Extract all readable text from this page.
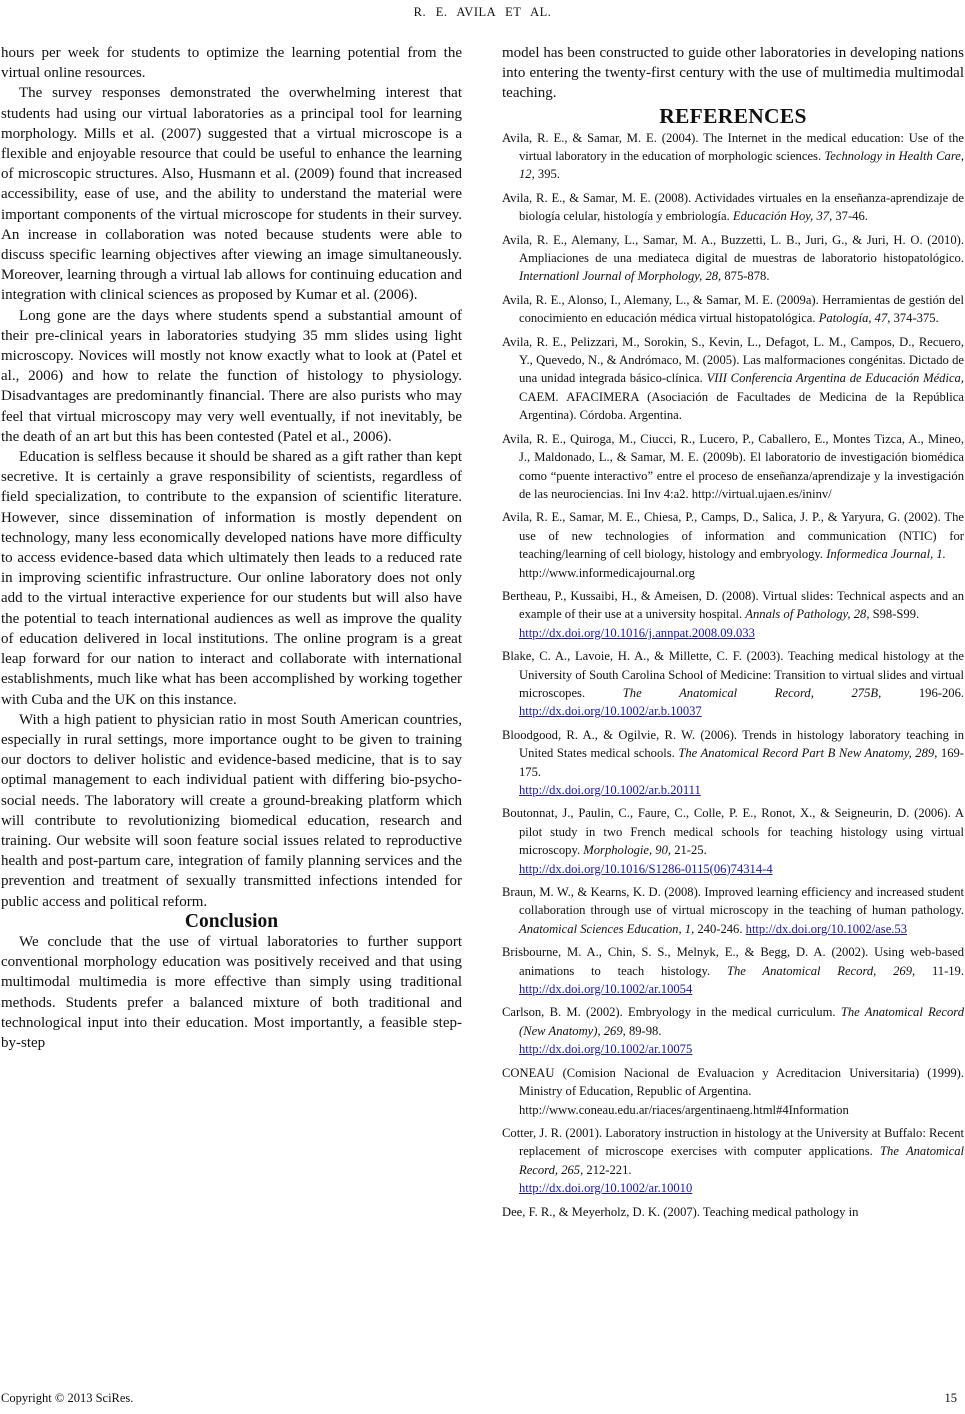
R. E. AVILA ET AL.

hours per week for students to optimize the learning potential from the virtual online resources.

The survey responses demonstrated the overwhelming interest that students had using our virtual laboratories as a principal tool for learning morphology. Mills et al. (2007) suggested that a virtual microscope is a flexible and enjoyable resource that could be useful to enhance the learning of microscopic structures. Also, Husmann et al. (2009) found that increased accessibility, ease of use, and the ability to understand the material were important components of the virtual microscope for students in their survey. An increase in collaboration was noted because students were able to discuss specific learning objectives after viewing an image simultaneously. Moreover, learning through a virtual lab allows for continuing education and integration with clinical sciences as proposed by Kumar et al. (2006).

Long gone are the days where students spend a substantial amount of their pre-clinical years in laboratories studying 35 mm slides using light microscopy. Novices will mostly not know exactly what to look at (Patel et al., 2006) and how to relate the function of histology to physiology. Disadvantages are predominantly financial. There are also purists who may feel that virtual microscopy may very well eventually, if not inevitably, be the death of an art but this has been contested (Patel et al., 2006).

Education is selfless because it should be shared as a gift rather than kept secretive. It is certainly a grave responsibility of scientists, regardless of field specialization, to contribute to the expansion of scientific literature. However, since dissemination of information is mostly dependent on technology, many less economically developed nations have more difficulty to access evidence-based data which ultimately then leads to a reduced rate in improving scientific infrastructure. Our online laboratory does not only add to the virtual interactive experience for our students but will also have the potential to teach international audiences as well as improve the quality of education delivered in local institutions. The online program is a great leap forward for our nation to interact and collaborate with international establishments, much like what has been accomplished by working together with Cuba and the UK on this instance.

With a high patient to physician ratio in most South American countries, especially in rural settings, more importance ought to be given to training our doctors to deliver holistic and evidence-based medicine, that is to say optimal management to each individual patient with differing bio-psycho-social needs. The laboratory will create a ground-breaking platform which will contribute to revolutionizing biomedical education, research and training. Our website will soon feature social issues related to reproductive health and post-partum care, integration of family planning services and the prevention and treatment of sexually transmitted infections intended for public access and political reform.

Conclusion

We conclude that the use of virtual laboratories to further support conventional morphology education was positively received and that using multimodal multimedia is more effective than simply using traditional methods. Students prefer a balanced mixture of both traditional and technological input into their education. Most importantly, a feasible step-by-step

model has been constructed to guide other laboratories in developing nations into entering the twenty-first century with the use of multimedia multimodal teaching.

REFERENCES
Avila, R. E., & Samar, M. E. (2004). The Internet in the medical education: Use of the virtual laboratory in the education of morphologic sciences. Technology in Health Care, 12, 395.
Avila, R. E., & Samar, M. E. (2008). Actividades virtuales en la enseñanza-aprendizaje de biología celular, histología y embriología. Educación Hoy, 37, 37-46.
Avila, R. E., Alemany, L., Samar, M. A., Buzzetti, L. B., Juri, G., & Juri, H. O. (2010). Ampliaciones de una mediateca digital de muestras de laboratorio histopatológico. Internationl Journal of Morphology, 28, 875-878.
Avila, R. E., Alonso, I., Alemany, L., & Samar, M. E. (2009a). Herramientas de gestión del conocimiento en educación médica virtual histopatológica. Patología, 47, 374-375.
Avila, R. E., Pelizzari, M., Sorokin, S., Kevin, L., Defagot, L. M., Campos, D., Recuero, Y., Quevedo, N., & Andrómaco, M. (2005). Las malformaciones congénitas. Dictado de una unidad integrada básico-clínica. VIII Conferencia Argentina de Educación Médica, CAEM. AFACIMERA (Asociación de Facultades de Medicina de la República Argentina). Córdoba. Argentina.
Avila, R. E., Quiroga, M., Ciucci, R., Lucero, P., Caballero, E., Montes Tizca, A., Mineo, J., Maldonado, L., & Samar, M. E. (2009b). El laboratorio de investigación biomédica como “puente interactivo” entre el proceso de enseñanza/aprendizaje y la investigación de las neurociencias. Ini Inv 4:a2. http://virtual.ujaen.es/ininv/
Avila, R. E., Samar, M. E., Chiesa, P., Camps, D., Salica, J. P., & Yaryura, G. (2002). The use of new technologies of information and communication (NTIC) for teaching/learning of cell biology, histology and embryology. Informedica Journal, 1.
http://www.informedicajournal.org
Bertheau, P., Kussaibi, H., & Ameisen, D. (2008). Virtual slides: Technical aspects and an example of their use at a university hospital. Annals of Pathology, 28, S98-S99.
http://dx.doi.org/10.1016/j.annpat.2008.09.033
Blake, C. A., Lavoie, H. A., & Millette, C. F. (2003). Teaching medical histology at the University of South Carolina School of Medicine: Transition to virtual slides and virtual microscopes. The Anatomical Record, 275B, 196-206. http://dx.doi.org/10.1002/ar.b.10037
Bloodgood, R. A., & Ogilvie, R. W. (2006). Trends in histology laboratory teaching in United States medical schools. The Anatomical Record Part B New Anatomy, 289, 169-175.
http://dx.doi.org/10.1002/ar.b.20111
Boutonnat, J., Paulin, C., Faure, C., Colle, P. E., Ronot, X., & Seigneurin, D. (2006). A pilot study in two French medical schools for teaching histology using virtual microscopy. Morphologie, 90, 21-25.
http://dx.doi.org/10.1016/S1286-0115(06)74314-4
Braun, M. W., & Kearns, K. D. (2008). Improved learning efficiency and increased student collaboration through use of virtual microscopy in the teaching of human pathology. Anatomical Sciences Education, 1, 240-246. http://dx.doi.org/10.1002/ase.53
Brisbourne, M. A., Chin, S. S., Melnyk, E., & Begg, D. A. (2002). Using web-based animations to teach histology. The Anatomical Record, 269, 11-19. http://dx.doi.org/10.1002/ar.10054
Carlson, B. M. (2002). Embryology in the medical curriculum. The Anatomical Record (New Anatomy), 269, 89-98.
http://dx.doi.org/10.1002/ar.10075
CONEAU (Comision Nacional de Evaluacion y Acreditacion Universitaria) (1999). Ministry of Education, Republic of Argentina.
http://www.coneau.edu.ar/riaces/argentinaeng.html#4Information
Cotter, J. R. (2001). Laboratory instruction in histology at the University at Buffalo: Recent replacement of microscope exercises with computer applications. The Anatomical Record, 265, 212-221.
http://dx.doi.org/10.1002/ar.10010
Dee, F. R., & Meyerholz, D. K. (2007). Teaching medical pathology in
Copyright © 2013 SciRes.	15
